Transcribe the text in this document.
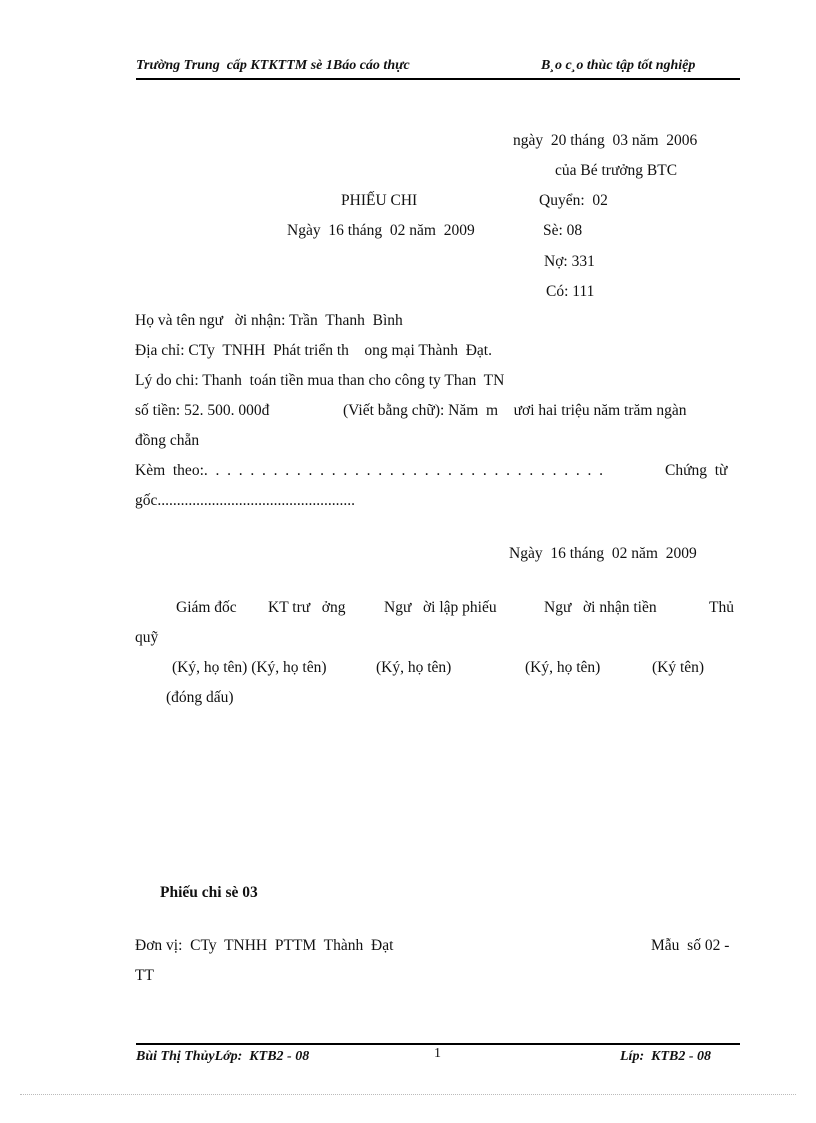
Trường Trung  cấp KTKTTM sè 1Báo cáo thực	B¸o c¸o thùc tập tốt nghiệp
ngày  20 tháng  03 năm  2006
của Bé trưởng BTC
PHIẾU CHI	Quyển:  02
Ngày  16 tháng  02 năm  2009	Sè: 08
Nợ: 331
Có: 111
Họ và tên ngư   ời nhận: Trần  Thanh  Bình
Địa chỉ: CTy  TNHH  Phát triển th    ong mại Thành  Đạt.
Lý do chi: Thanh  toán tiền mua than cho công ty Than  TN
số tiền: 52. 500. 000đ	(Viết bằng chữ): Năm  m    ươi hai triệu năm trăm ngàn
đồng chẵn
Kèm  theo:.  .  .  .  .  .  .  .  .  .  .  .  .  .  .  .  .  .  .  .  .  .  .  .  .  .  .  .  .  .  .  .  .  .  .	Chứng  từ
gốc...................................................
Ngày  16 tháng  02 năm  2009
Giám đốc KT trư   ởng Ngư   ời lập phiếu	Ngư   ời nhận tiền	Thủ
quỹ
(Ký, họ tên) (Ký, họ tên)	(Ký, họ tên)	(Ký, họ tên)	(Ký tên)
(đóng dấu)
Phiếu chi sè 03
Đơn vị:  CTy  TNHH  PTTM  Thành  Đạt	Mẫu  số 02 -
TT
Bùi Thị ThủyLớp:  KTB2 - 08	1	Líp:  KTB2 - 08
